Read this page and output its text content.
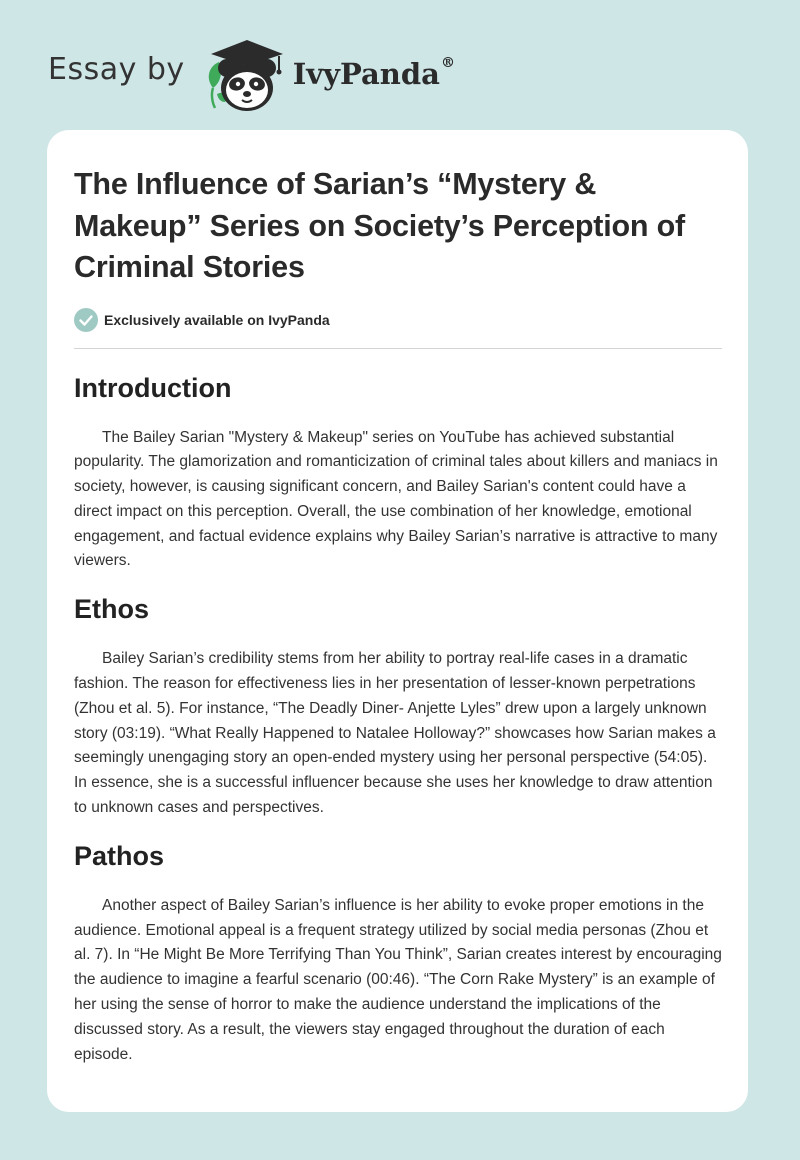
Essay by	IvyPanda®
The Influence of Sarian’s “Mystery & Makeup” Series on Society’s Perception of Criminal Stories
Exclusively available on IvyPanda
Introduction

The Bailey Sarian "Mystery & Makeup" series on YouTube has achieved substantial popularity. The glamorization and romanticization of criminal tales about killers and maniacs in society, however, is causing significant concern, and Bailey Sarian's content could have a direct impact on this perception. Overall, the use combination of her knowledge, emotional engagement, and factual evidence explains why Bailey Sarian’s narrative is attractive to many viewers.

Ethos

Bailey Sarian’s credibility stems from her ability to portray real-life cases in a dramatic fashion. The reason for effectiveness lies in her presentation of lesser-known perpetrations (Zhou et al. 5). For instance, “The Deadly Diner- Anjette Lyles” drew upon a largely unknown story (03:19). “What Really Happened to Natalee Holloway?” showcases how Sarian makes a seemingly unengaging story an open-ended mystery using her personal perspective (54:05). In essence, she is a successful influencer because she uses her knowledge to draw attention to unknown cases and perspectives.

Pathos

Another aspect of Bailey Sarian’s influence is her ability to evoke proper emotions in the audience. Emotional appeal is a frequent strategy utilized by social media personas (Zhou et al. 7). In “He Might Be More Terrifying Than You Think”, Sarian creates interest by encouraging the audience to imagine a fearful scenario (00:46). “The Corn Rake Mystery” is an example of her using the sense of horror to make the audience understand the implications of the discussed story. As a result, the viewers stay engaged throughout the duration of each episode.
